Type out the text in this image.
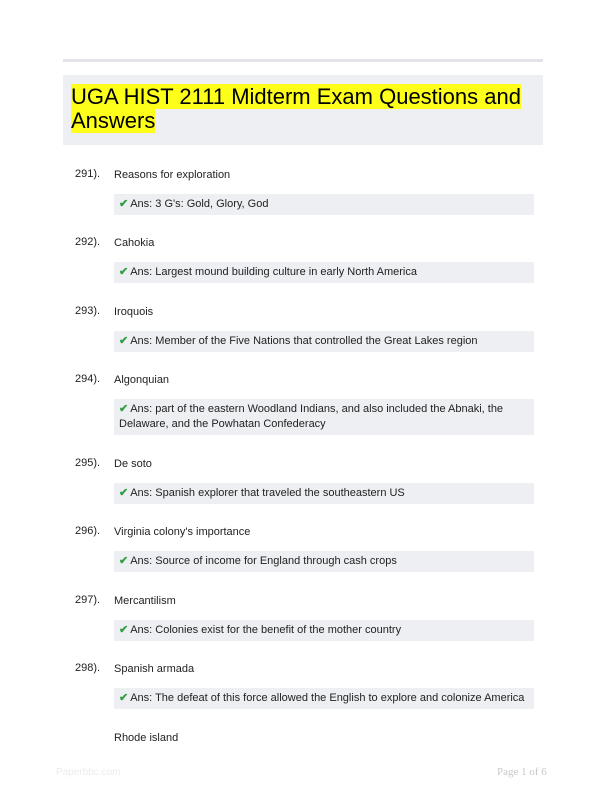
UGA HIST 2111 Midterm Exam Questions and Answers
291). Reasons for exploration
✔ Ans: 3 G's: Gold, Glory, God
292). Cahokia
✔ Ans: Largest mound building culture in early North America
293). Iroquois
✔ Ans: Member of the Five Nations that controlled the Great Lakes region
294). Algonquian
✔ Ans: part of the eastern Woodland Indians, and also included the Abnaki, the Delaware, and the Powhatan Confederacy
295). De soto
✔ Ans: Spanish explorer that traveled the southeastern US
296). Virginia colony's importance
✔ Ans: Source of income for England through cash crops
297). Mercantilism
✔ Ans: Colonies exist for the benefit of the mother country
298). Spanish armada
✔ Ans: The defeat of this force allowed the English to explore and colonize America
Rhode island
Paperbbc.com	Page 1 of 6
